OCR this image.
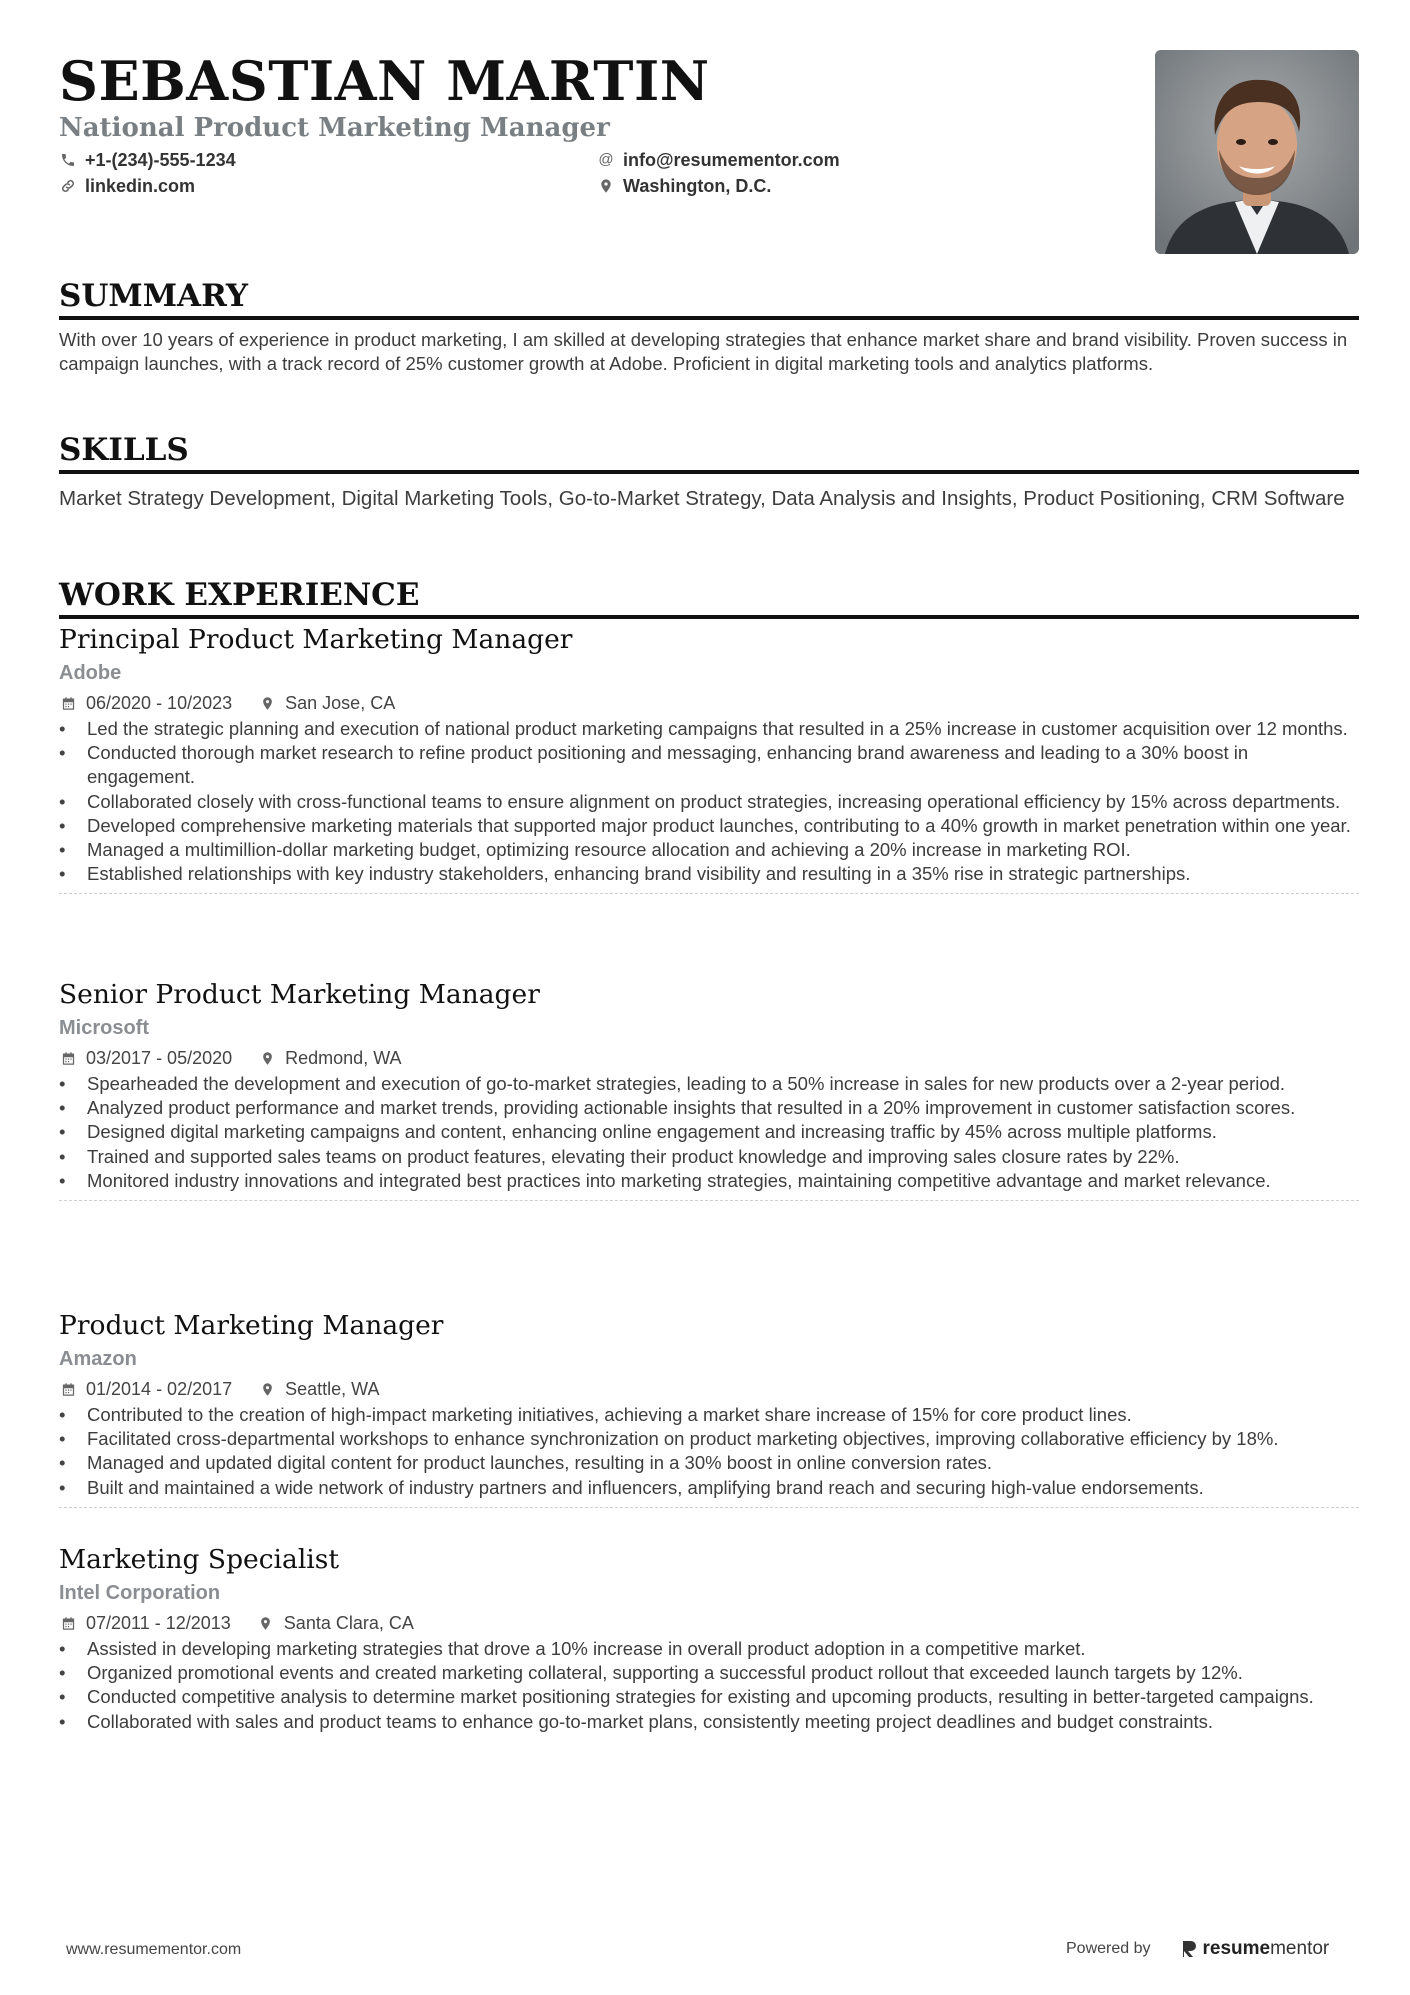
SEBASTIAN MARTIN
National Product Marketing Manager
+1-(234)-555-1234
linkedin.com
@ info@resumementor.com
Washington, D.C.
SUMMARY
With over 10 years of experience in product marketing, I am skilled at developing strategies that enhance market share and brand visibility. Proven success in campaign launches, with a track record of 25% customer growth at Adobe. Proficient in digital marketing tools and analytics platforms.
SKILLS
Market Strategy Development, Digital Marketing Tools, Go-to-Market Strategy, Data Analysis and Insights, Product Positioning, CRM Software
WORK EXPERIENCE
Principal Product Marketing Manager
Adobe
06/2020 - 10/2023	San Jose, CA
• Led the strategic planning and execution of national product marketing campaigns that resulted in a 25% increase in customer acquisition over 12 months.
• Conducted thorough market research to refine product positioning and messaging, enhancing brand awareness and leading to a 30% boost in engagement.
• Collaborated closely with cross-functional teams to ensure alignment on product strategies, increasing operational efficiency by 15% across departments.
• Developed comprehensive marketing materials that supported major product launches, contributing to a 40% growth in market penetration within one year.
• Managed a multimillion-dollar marketing budget, optimizing resource allocation and achieving a 20% increase in marketing ROI.
• Established relationships with key industry stakeholders, enhancing brand visibility and resulting in a 35% rise in strategic partnerships.
Senior Product Marketing Manager
Microsoft
03/2017 - 05/2020	Redmond, WA
• Spearheaded the development and execution of go-to-market strategies, leading to a 50% increase in sales for new products over a 2-year period.
• Analyzed product performance and market trends, providing actionable insights that resulted in a 20% improvement in customer satisfaction scores.
• Designed digital marketing campaigns and content, enhancing online engagement and increasing traffic by 45% across multiple platforms.
• Trained and supported sales teams on product features, elevating their product knowledge and improving sales closure rates by 22%.
• Monitored industry innovations and integrated best practices into marketing strategies, maintaining competitive advantage and market relevance.
Product Marketing Manager
Amazon
01/2014 - 02/2017	Seattle, WA
• Contributed to the creation of high-impact marketing initiatives, achieving a market share increase of 15% for core product lines.
• Facilitated cross-departmental workshops to enhance synchronization on product marketing objectives, improving collaborative efficiency by 18%.
• Managed and updated digital content for product launches, resulting in a 30% boost in online conversion rates.
• Built and maintained a wide network of industry partners and influencers, amplifying brand reach and securing high-value endorsements.
Marketing Specialist
Intel Corporation
07/2011 - 12/2013	Santa Clara, CA
• Assisted in developing marketing strategies that drove a 10% increase in overall product adoption in a competitive market.
• Organized promotional events and created marketing collateral, supporting a successful product rollout that exceeded launch targets by 12%.
• Conducted competitive analysis to determine market positioning strategies for existing and upcoming products, resulting in better-targeted campaigns.
• Collaborated with sales and product teams to enhance go-to-market plans, consistently meeting project deadlines and budget constraints.
www.resumementor.com	Powered by	resume mentor
